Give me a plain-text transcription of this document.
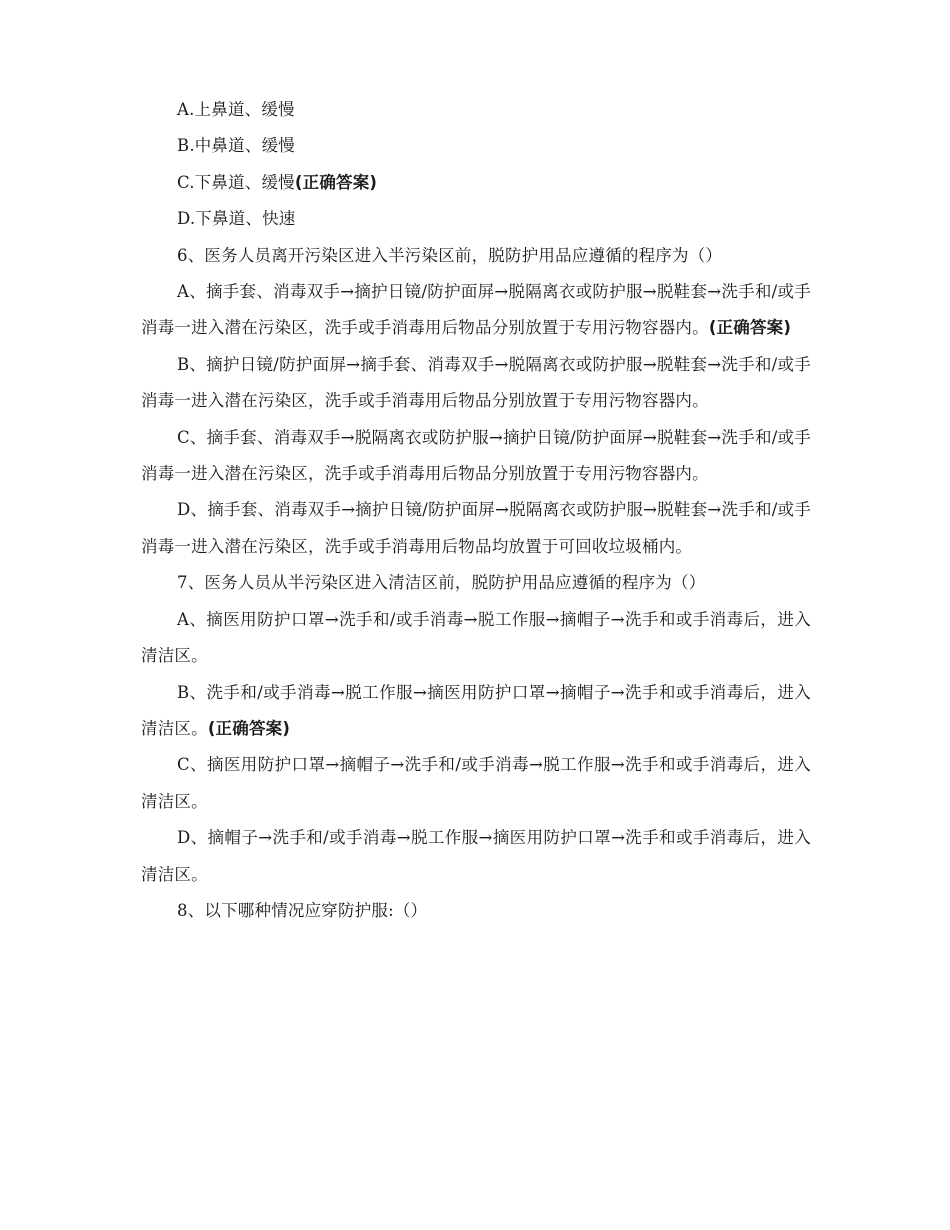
A.上鼻道、缓慢

B.中鼻道、缓慢

C.下鼻道、缓慢(正确答案)

D.下鼻道、快速

6、医务人员离开污染区进入半污染区前，脱防护用品应遵循的程序为（）

A、摘手套、消毒双手→摘护日镜/防护面屏→脱隔离衣或防护服→脱鞋套→洗手和/或手消毒一进入潜在污染区，洗手或手消毒用后物品分别放置于专用污物容器内。(正确答案)

B、摘护日镜/防护面屏→摘手套、消毒双手→脱隔离衣或防护服→脱鞋套→洗手和/或手消毒一进入潜在污染区，洗手或手消毒用后物品分别放置于专用污物容器内。

C、摘手套、消毒双手→脱隔离衣或防护服→摘护日镜/防护面屏→脱鞋套→洗手和/或手消毒一进入潜在污染区，洗手或手消毒用后物品分别放置于专用污物容器内。

D、摘手套、消毒双手→摘护日镜/防护面屏→脱隔离衣或防护服→脱鞋套→洗手和/或手消毒一进入潜在污染区，洗手或手消毒用后物品均放置于可回收垃圾桶内。

7、医务人员从半污染区进入清洁区前，脱防护用品应遵循的程序为（）

A、摘医用防护口罩→洗手和/或手消毒→脱工作服→摘帽子→洗手和或手消毒后，进入清洁区。

B、洗手和/或手消毒→脱工作服→摘医用防护口罩→摘帽子→洗手和或手消毒后，进入清洁区。(正确答案)

C、摘医用防护口罩→摘帽子→洗手和/或手消毒→脱工作服→洗手和或手消毒后，进入清洁区。

D、摘帽子→洗手和/或手消毒→脱工作服→摘医用防护口罩→洗手和或手消毒后，进入清洁区。

8、以下哪种情况应穿防护服:（）
